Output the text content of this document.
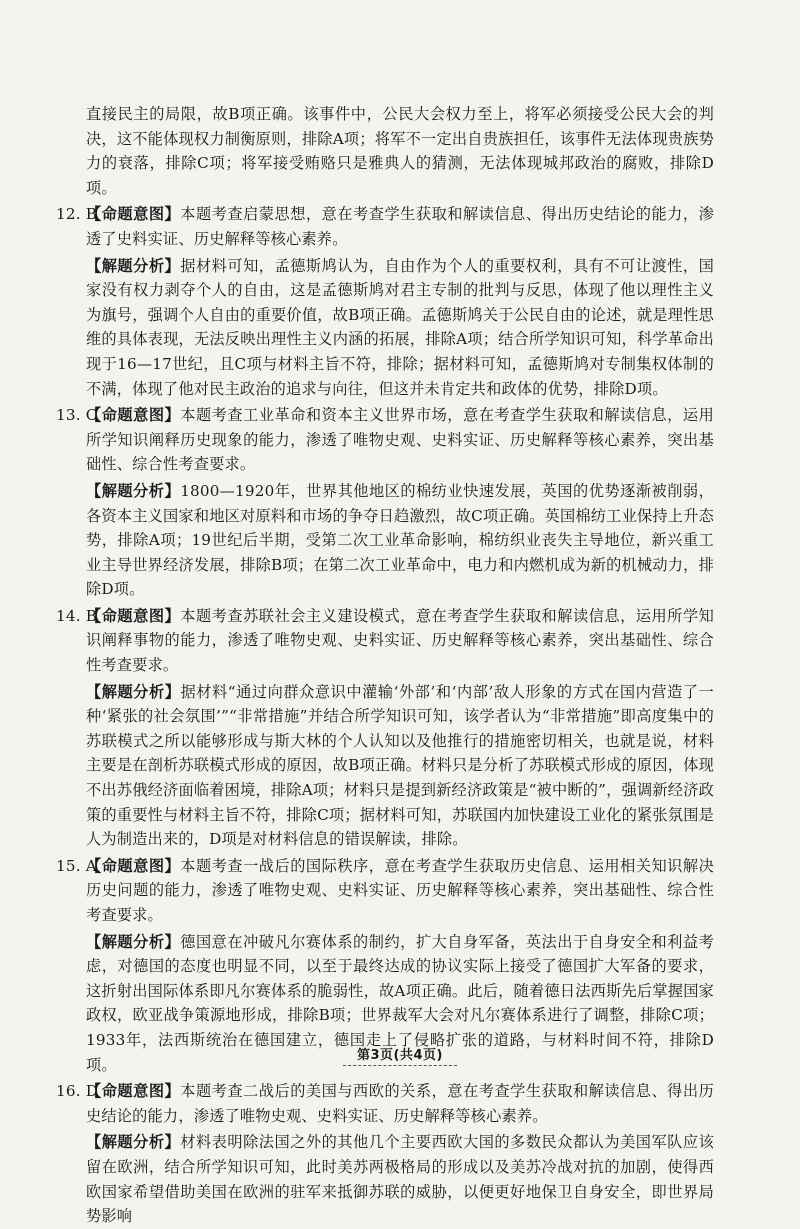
直接民主的局限，故B项正确。该事件中，公民大会权力至上，将军必须接受公民大会的判决，这不能体现权力制衡原则，排除A项；将军不一定出自贵族担任，该事件无法体现贵族势力的衰落，排除C项；将军接受贿赂只是雅典人的猜测，无法体现城邦政治的腐败，排除D项。

12. B

【命题意图】本题考查启蒙思想，意在考查学生获取和解读信息、得出历史结论的能力，渗透了史料实证、历史解释等核心素养。

【解题分析】据材料可知，孟德斯鸠认为，自由作为个人的重要权利，具有不可让渡性，国家没有权力剥夺个人的自由，这是孟德斯鸠对君主专制的批判与反思，体现了他以理性主义为旗号，强调个人自由的重要价值，故B项正确。孟德斯鸠关于公民自由的论述，就是理性思维的具体表现，无法反映出理性主义内涵的拓展，排除A项；结合所学知识可知，科学革命出现于16—17世纪，且C项与材料主旨不符，排除；据材料可知，孟德斯鸠对专制集权体制的不满，体现了他对民主政治的追求与向往，但这并未肯定共和政体的优势，排除D项。

13. C

【命题意图】本题考查工业革命和资本主义世界市场，意在考查学生获取和解读信息，运用所学知识阐释历史现象的能力，渗透了唯物史观、史料实证、历史解释等核心素养，突出基础性、综合性考查要求。

【解题分析】1800—1920年，世界其他地区的棉纺业快速发展，英国的优势逐渐被削弱，各资本主义国家和地区对原料和市场的争夺日趋激烈，故C项正确。英国棉纺工业保持上升态势，排除A项；19世纪后半期，受第二次工业革命影响，棉纺织业丧失主导地位，新兴重工业主导世界经济发展，排除B项；在第二次工业革命中，电力和内燃机成为新的机械动力，排除D项。

14. B

【命题意图】本题考查苏联社会主义建设模式，意在考查学生获取和解读信息，运用所学知识阐释事物的能力，渗透了唯物史观、史料实证、历史解释等核心素养，突出基础性、综合性考查要求。

【解题分析】据材料“通过向群众意识中灌输‘外部’和‘内部’敌人形象的方式在国内营造了一种‘紧张的社会氛围’”“非常措施”并结合所学知识可知，该学者认为“非常措施”即高度集中的苏联模式之所以能够形成与斯大林的个人认知以及他推行的措施密切相关，也就是说，材料主要是在剖析苏联模式形成的原因，故B项正确。材料只是分析了苏联模式形成的原因，体现不出苏俄经济面临着困境，排除A项；材料只是提到新经济政策是“被中断的”，强调新经济政策的重要性与材料主旨不符，排除C项；据材料可知，苏联国内加快建设工业化的紧张氛围是人为制造出来的，D项是对材料信息的错误解读，排除。

15. A

【命题意图】本题考查一战后的国际秩序，意在考查学生获取历史信息、运用相关知识解决历史问题的能力，渗透了唯物史观、史料实证、历史解释等核心素养，突出基础性、综合性考查要求。

【解题分析】德国意在冲破凡尔赛体系的制约，扩大自身军备，英法出于自身安全和利益考虑，对德国的态度也明显不同，以至于最终达成的协议实际上接受了德国扩大军备的要求，这折射出国际体系即凡尔赛体系的脆弱性，故A项正确。此后，随着德日法西斯先后掌握国家政权，欧亚战争策源地形成，排除B项；世界裁军大会对凡尔赛体系进行了调整，排除C项；1933年，法西斯统治在德国建立，德国走上了侵略扩张的道路，与材料时间不符，排除D项。

16. D

【命题意图】本题考查二战后的美国与西欧的关系，意在考查学生获取和解读信息、得出历史结论的能力，渗透了唯物史观、史料实证、历史解释等核心素养。

【解题分析】材料表明除法国之外的其他几个主要西欧大国的多数民众都认为美国军队应该留在欧洲，结合所学知识可知，此时美苏两极格局的形成以及美苏冷战对抗的加剧，使得西欧国家希望借助美国在欧洲的驻军来抵御苏联的威胁，以便更好地保卫自身安全，即世界局势影响

第3页(共4页)
